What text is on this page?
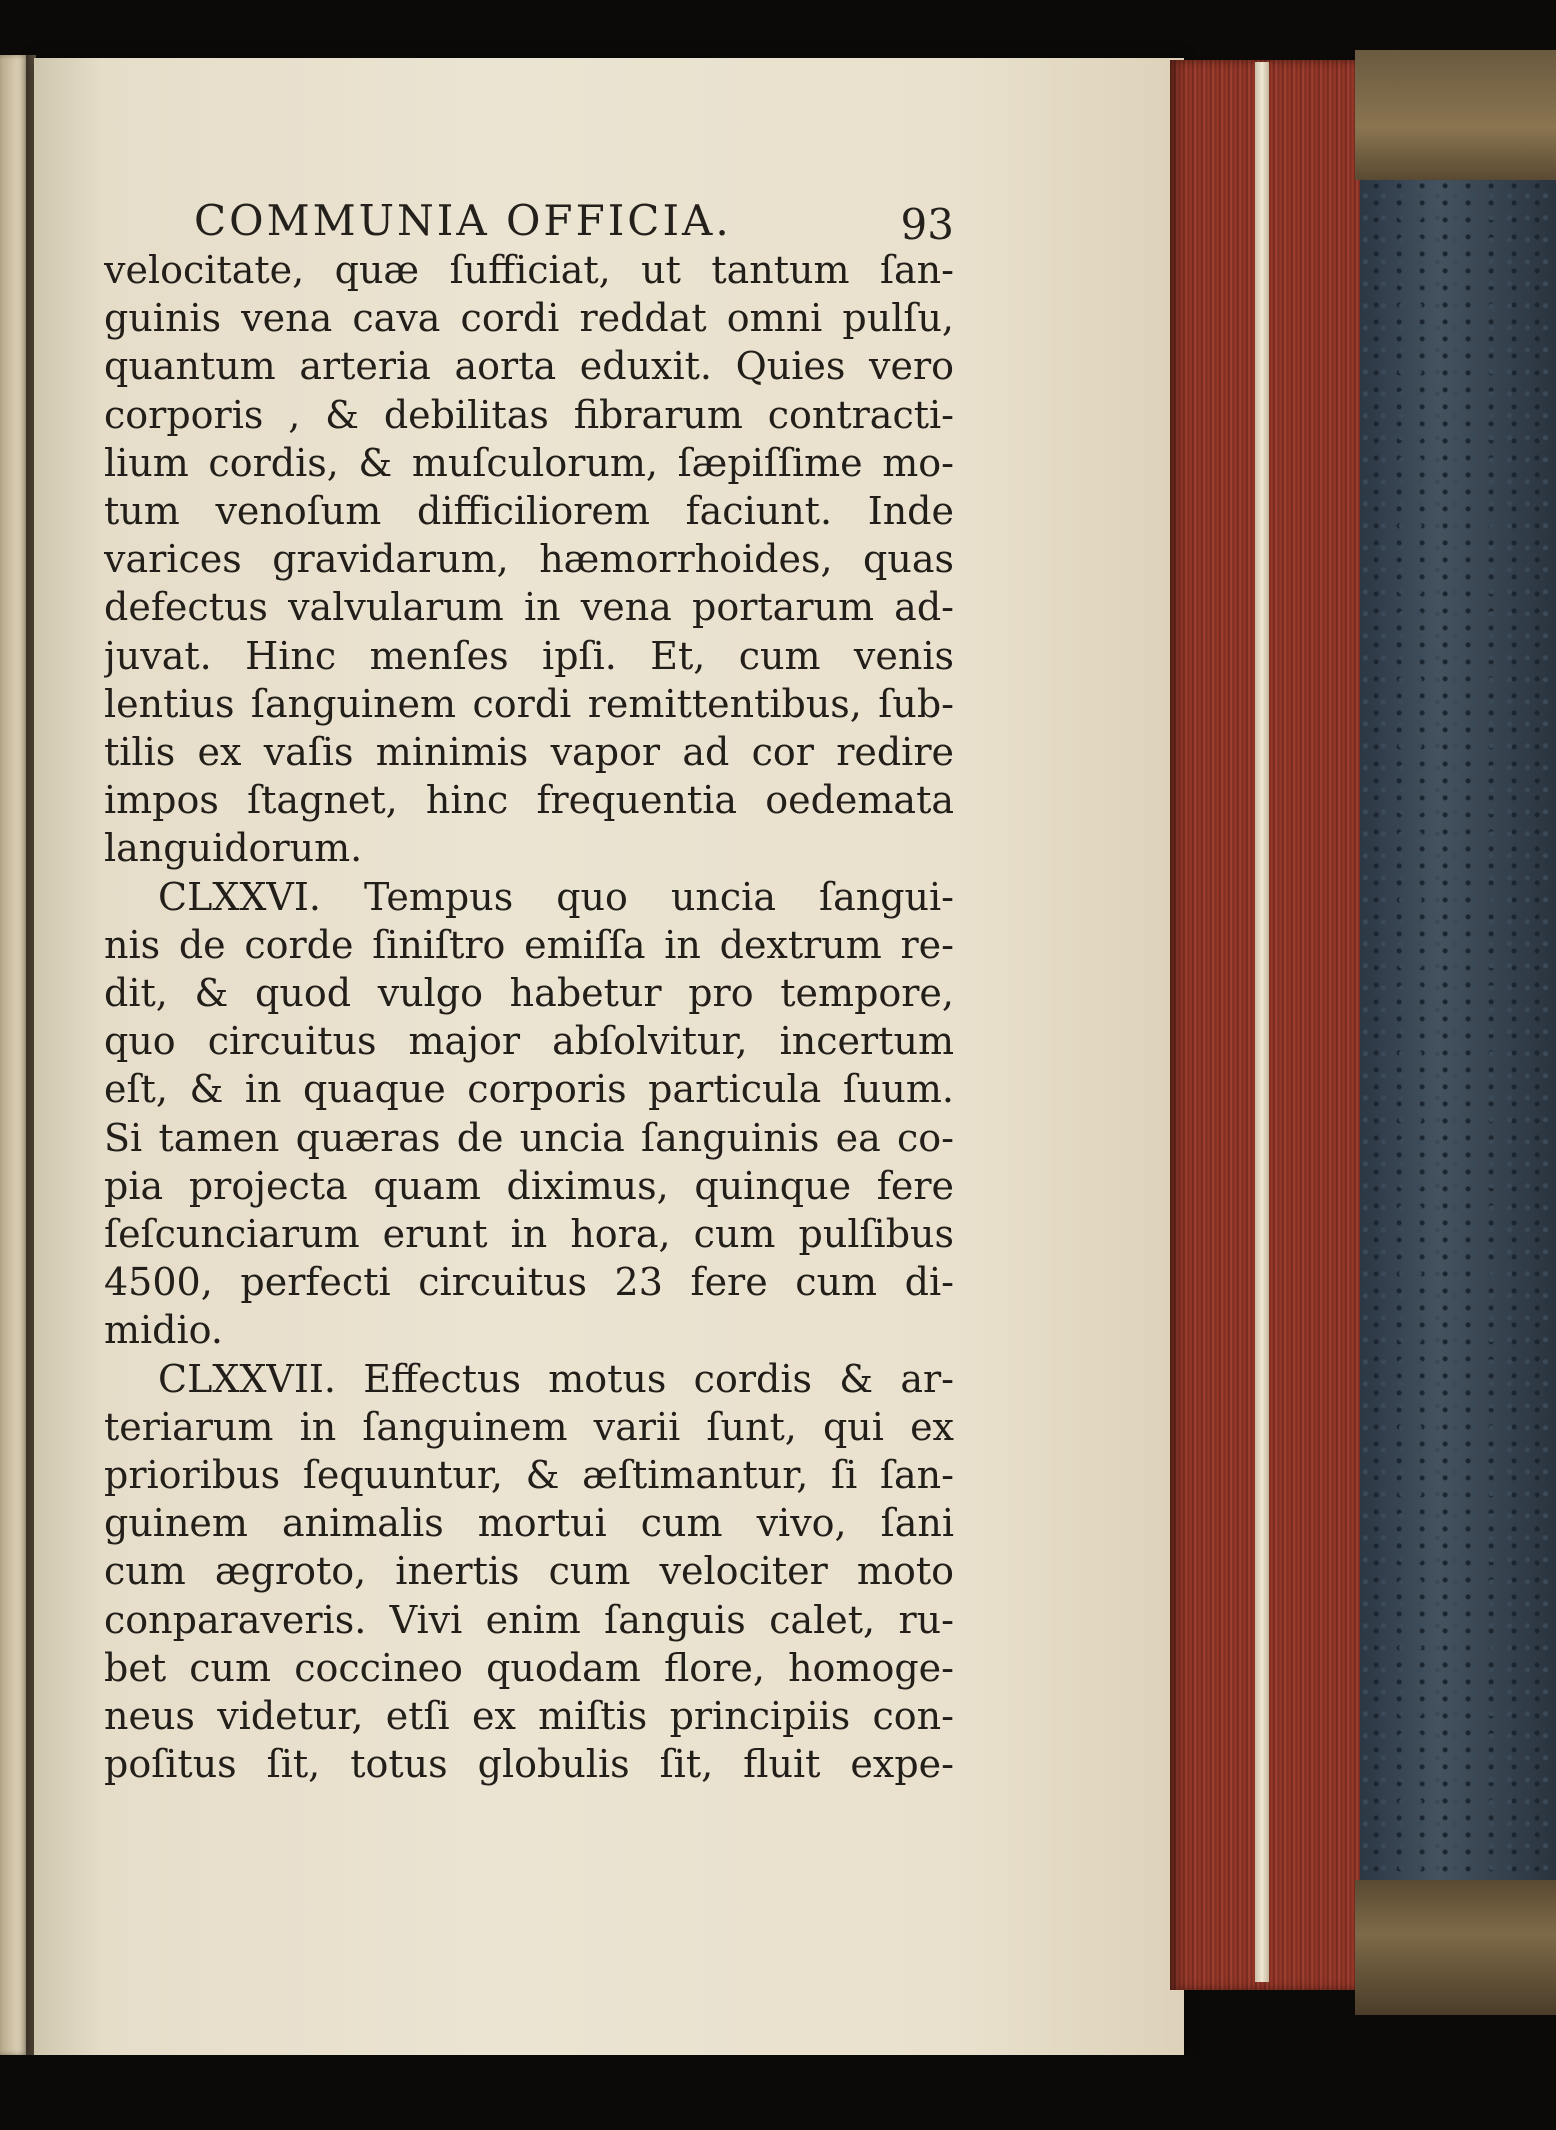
COMMUNIA OFFICIA.	93
velocitate, quæ ſufficiat, ut tantum ſan-
guinis vena cava cordi reddat omni pulſu,
quantum arteria aorta eduxit. Quies vero
corporis , & debilitas fibrarum contracti-
lium cordis, & muſculorum, ſæpiſſime mo-
tum venoſum difficiliorem faciunt. Inde
varices gravidarum, hæmorrhoides, quas
defectus valvularum in vena portarum ad-
juvat. Hinc menſes ipſi. Et, cum venis
lentius ſanguinem cordi remittentibus, ſub-
tilis ex vaſis minimis vapor ad cor redire
impos ſtagnet, hinc frequentia oedemata
languidorum.
CLXXVI. Tempus quo uncia ſangui-
nis de corde ſiniſtro emiſſa in dextrum re-
dit, & quod vulgo habetur pro tempore,
quo circuitus major abſolvitur, incertum
eſt, & in quaque corporis particula ſuum.
Si tamen quæras de uncia ſanguinis ea co-
pia projecta quam diximus, quinque fere
ſeſcunciarum erunt in hora, cum pulſibus
4500, perfecti circuitus 23 fere cum di-
midio.
CLXXVII. Effectus motus cordis & ar-
teriarum in ſanguinem varii ſunt, qui ex
prioribus ſequuntur, & æſtimantur, ſi ſan-
guinem animalis mortui cum vivo, ſani
cum ægroto, inertis cum velociter moto
conparaveris. Vivi enim ſanguis calet, ru-
bet cum coccineo quodam flore, homoge-
neus videtur, etſi ex miſtis principiis con-
poſitus ſit, totus globulis ſit, fluit expe-
